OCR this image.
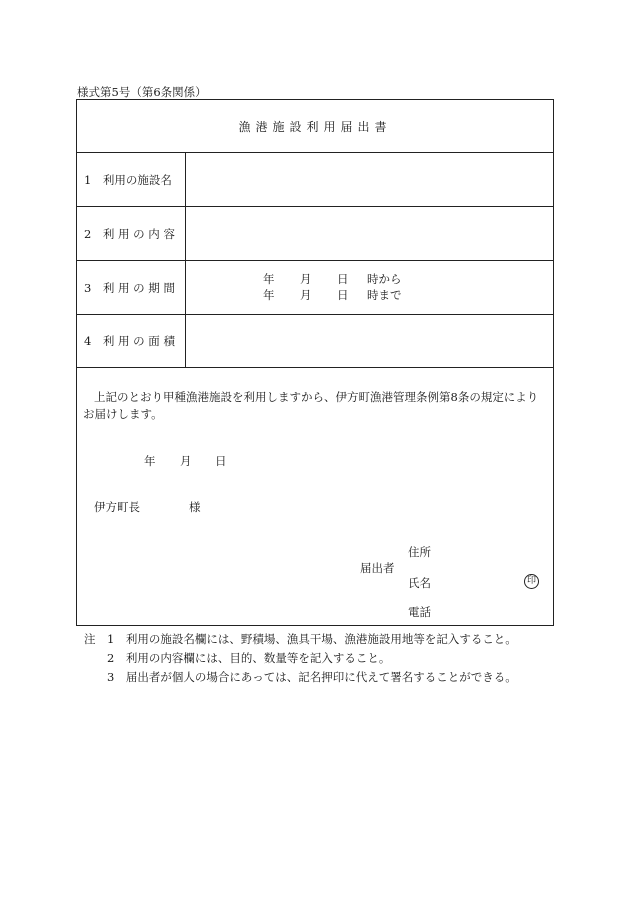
様式第5号（第6条関係）
漁港施設利用届出書
1　利用の施設名
2　利 用 の 内 容
3　利 用 の 期 間
年 月 日 時から
年 月 日 時まで
4　利 用 の 面 積
上記のとおり甲種漁港施設を利用しますから、伊方町漁港管理条例第8条の規定により
お届けします。
年 月 日
伊方町長	様
届出者
住所
氏名	印
電話
注　1　利用の施設名欄には、野積場、漁具干場、漁港施設用地等を記入すること。
　　2　利用の内容欄には、目的、数量等を記入すること。
　　3　届出者が個人の場合にあっては、記名押印に代えて署名することができる。
